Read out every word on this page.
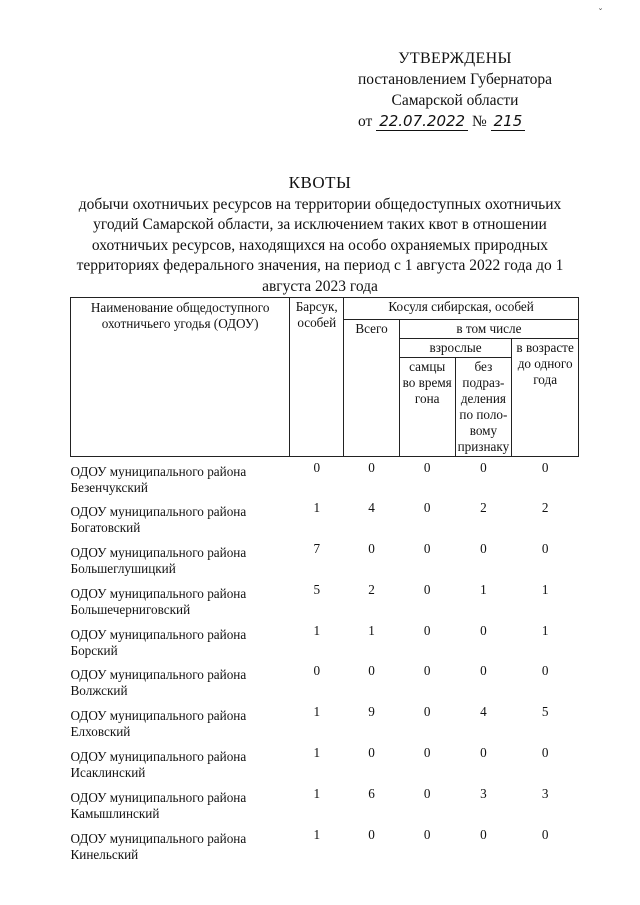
УТВЕРЖДЕНЫ
постановлением Губернатора
Самарской области
от 22.07.2022 № 215
КВОТЫ
добычи охотничьих ресурсов на территории общедоступных охотничьих угодий Самарской области, за исключением таких квот в отношении охотничьих ресурсов, находящихся на особо охраняемых природных территориях федерального значения, на период с 1 августа 2022 года до 1 августа 2023 года
Наименование общедоступного охотничьего угодья (ОДОУ)	Барсук, особей	Косуля сибирская, особей			
		Всего	в том числе		
			взрослые		в возрасте до одного года
			самцы во время гона	без подраз-деления по поло-вому признаку	
ОДОУ муниципального района Безенчукский	0	0	0	0	0
ОДОУ муниципального района Богатовский	1	4	0	2	2
ОДОУ муниципального района Большеглушицкий	7	0	0	0	0
ОДОУ муниципального района Большечерниговский	5	2	0	1	1
ОДОУ муниципального района Борский	1	1	0	0	1
ОДОУ муниципального района Волжский	0	0	0	0	0
ОДОУ муниципального района Елховский	1	9	0	4	5
ОДОУ муниципального района Исаклинский	1	0	0	0	0
ОДОУ муниципального района Камышлинский	1	6	0	3	3
ОДОУ муниципального района Кинельский	1	0	0	0	0
ˇ
